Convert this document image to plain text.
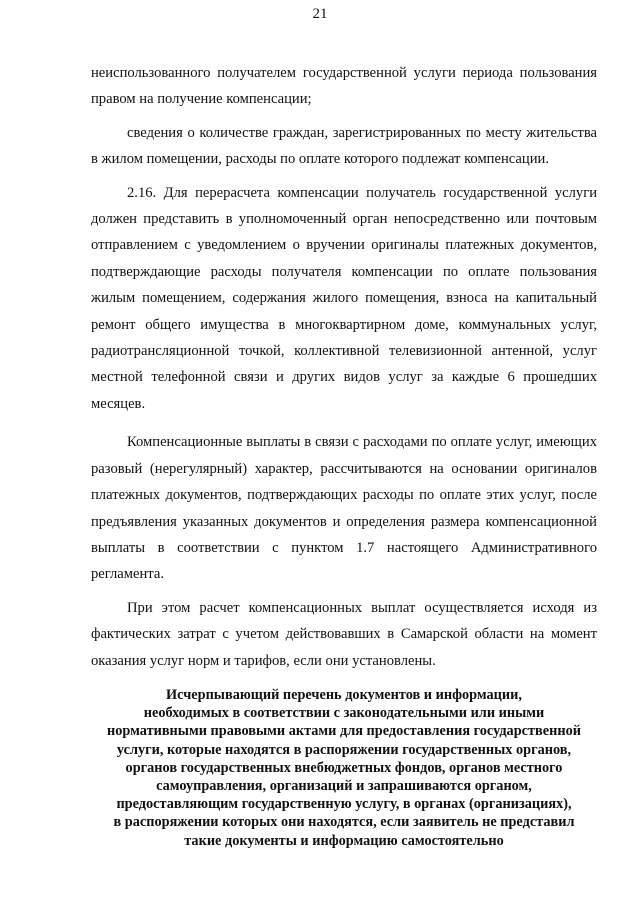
21

неиспользованного получателем государственной услуги периода пользования правом на получение компенсации;

сведения о количестве граждан, зарегистрированных по месту жительства в жилом помещении, расходы по оплате которого подлежат компенсации.

2.16. Для перерасчета компенсации получатель государственной услуги должен представить в уполномоченный орган непосредственно или почтовым отправлением с уведомлением о вручении оригиналы платежных документов, подтверждающие расходы получателя компенсации по оплате пользования жилым помещением, содержания жилого помещения, взноса на капитальный ремонт общего имущества в многоквартирном доме, коммунальных услуг, радиотрансляционной точкой, коллективной телевизионной антенной, услуг местной телефонной связи и других видов услуг за каждые 6 прошедших месяцев.

Компенсационные выплаты в связи с расходами по оплате услуг, имеющих разовый (нерегулярный) характер, рассчитываются на основании оригиналов платежных документов, подтверждающих расходы по оплате этих услуг, после предъявления указанных документов и определения размера компенсационной выплаты в соответствии с пунктом 1.7 настоящего Административного регламента.

При этом расчет компенсационных выплат осуществляется исходя из фактических затрат с учетом действовавших в Самарской области на момент оказания услуг норм и тарифов, если они установлены.

Исчерпывающий перечень документов и информации,
необходимых в соответствии с законодательными или иными
нормативными правовыми актами для предоставления государственной
услуги, которые находятся в распоряжении государственных органов,
органов государственных внебюджетных фондов, органов местного
самоуправления, организаций и запрашиваются органом,
предоставляющим государственную услугу, в органах (организациях),
в распоряжении которых они находятся, если заявитель не представил
такие документы и информацию самостоятельно
